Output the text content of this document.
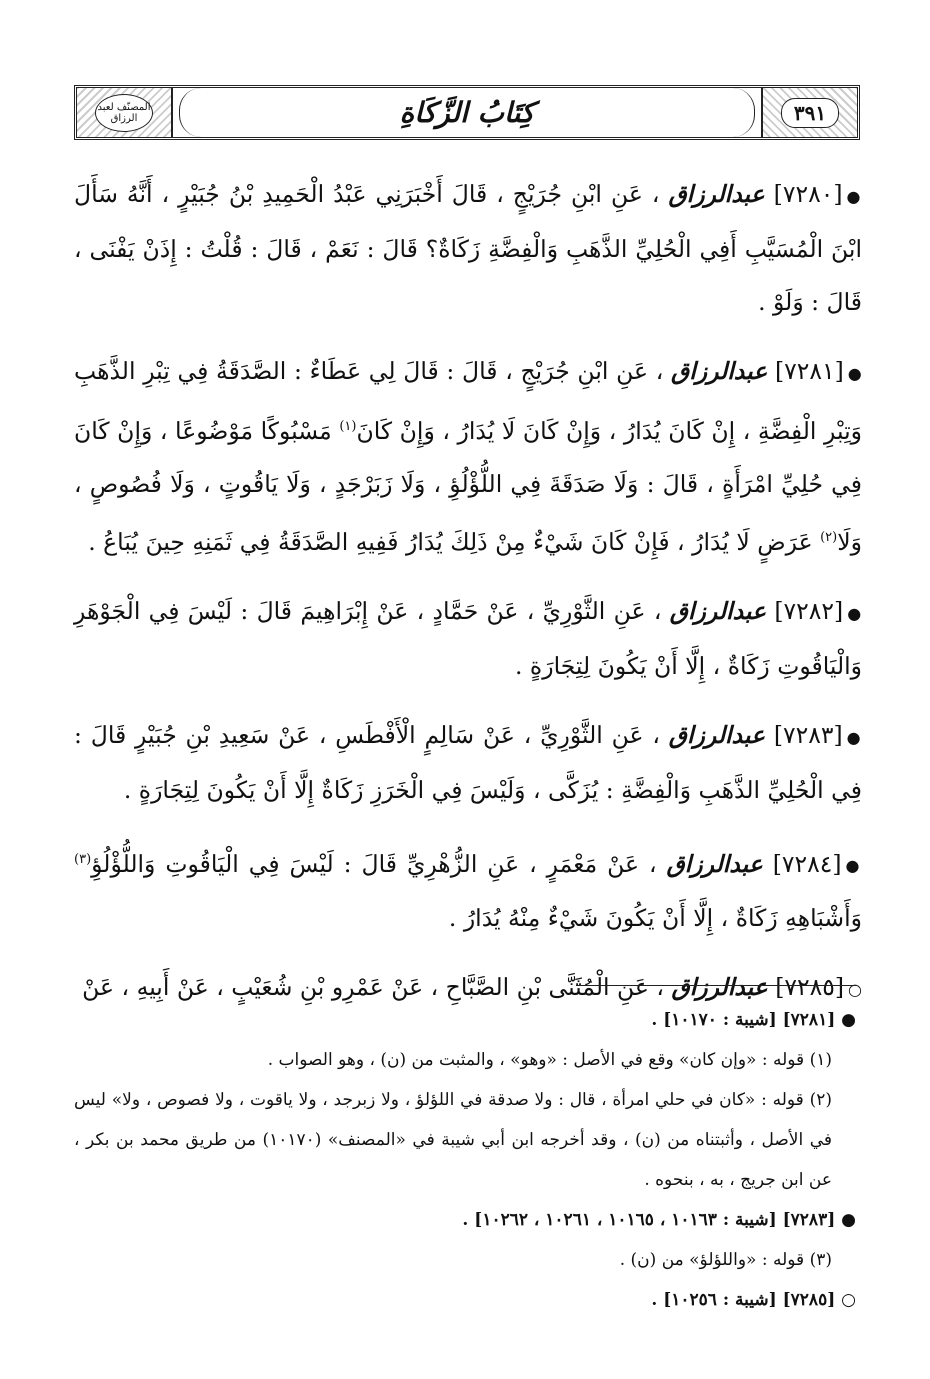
٣٩١
كِتَابُ الزَّكَاةِ
المصنّف لعبد الرزاق

●[٧٢٨٠] عبدالرزاق ، عَنِ ابْنِ جُرَيْجٍ ، قَالَ أَخْبَرَنِي عَبْدُ الْحَمِيدِ بْنُ جُبَيْرٍ ، أَنَّهُ سَأَلَ ابْنَ الْمُسَيَّبِ أَفِي الْحُلِيِّ الذَّهَبِ وَالْفِضَّةِ زَكَاةٌ؟ قَالَ : نَعَمْ ، قَالَ : قُلْتُ : إِذَنْ يَفْنَى ، قَالَ : وَلَوْ .

●[٧٢٨١] عبدالرزاق ، عَنِ ابْنِ جُرَيْجٍ ، قَالَ : قَالَ لِي عَطَاءٌ : الصَّدَقَةُ فِي تِبْرِ الذَّهَبِ وَتِبْرِ الْفِضَّةِ ، إِنْ كَانَ يُدَارُ ، وَإِنْ كَانَ لَا يُدَارُ ، وَإِنْ كَانَ$^{(١)}$ مَسْبُوكًا مَوْضُوعًا ، وَإِنْ كَانَ فِي حُلِيِّ امْرَأَةٍ ، قَالَ : وَلَا صَدَقَةَ فِي اللُّؤْلُؤِ ، وَلَا زَبَرْجَدٍ ، وَلَا يَاقُوتٍ ، وَلَا فُصُوصٍ ، وَلَا$^{(٢)}$ عَرَضٍ لَا يُدَارُ ، فَإِنْ كَانَ شَيْءٌ مِنْ ذَلِكَ يُدَارُ فَفِيهِ الصَّدَقَةُ فِي ثَمَنِهِ حِينَ يُبَاعُ .

●[٧٢٨٢] عبدالرزاق ، عَنِ الثَّوْرِيِّ ، عَنْ حَمَّادٍ ، عَنْ إِبْرَاهِيمَ قَالَ : لَيْسَ فِي الْجَوْهَرِ وَالْيَاقُوتِ زَكَاةٌ ، إِلَّا أَنْ يَكُونَ لِتِجَارَةٍ .

●[٧٢٨٣] عبدالرزاق ، عَنِ الثَّوْرِيِّ ، عَنْ سَالِمٍ الْأَفْطَسِ ، عَنْ سَعِيدِ بْنِ جُبَيْرٍ قَالَ : فِي الْحُلِيِّ الذَّهَبِ وَالْفِضَّةِ : يُزَكَّى ، وَلَيْسَ فِي الْخَرَزِ زَكَاةٌ إِلَّا أَنْ يَكُونَ لِتِجَارَةٍ .

●[٧٢٨٤] عبدالرزاق ، عَنْ مَعْمَرٍ ، عَنِ الزُّهْرِيِّ قَالَ : لَيْسَ فِي الْيَاقُوتِ وَاللُّؤْلُؤِ$^{(٣)}$ وَأَشْبَاهِهِ زَكَاةٌ ، إِلَّا أَنْ يَكُونَ شَيْءٌ مِنْهُ يُدَارُ .

○[٧٢٨٥] عبدالرزاق ، عَنِ الْمُثَنَّى بْنِ الصَّبَّاحِ ، عَنْ عَمْرِو بْنِ شُعَيْبٍ ، عَنْ أَبِيهِ ، عَنْ

● [٧٢٨١] [شيبة : ١٠١٧٠] .

(١) قوله : «وإن كان» وقع في الأصل : «وهو» ، والمثبت من (ن) ، وهو الصواب .

(٢) قوله : «كان في حلي امرأة ، قال : ولا صدقة في اللؤلؤ ، ولا زبرجد ، ولا ياقوت ، ولا فصوص ، ولا» ليس في الأصل ، وأثبتناه من (ن) ، وقد أخرجه ابن أبي شيبة في «المصنف» (١٠١٧٠) من طريق محمد بن بكر ، عن ابن جريج ، به ، بنحوه .

● [٧٢٨٣] [شيبة : ١٠١٦٣ ، ١٠١٦٥ ، ١٠٢٦١ ، ١٠٢٦٢] .

(٣) قوله : «واللؤلؤ» من (ن) .

○ [٧٢٨٥] [شيبة : ١٠٢٥٦] .
